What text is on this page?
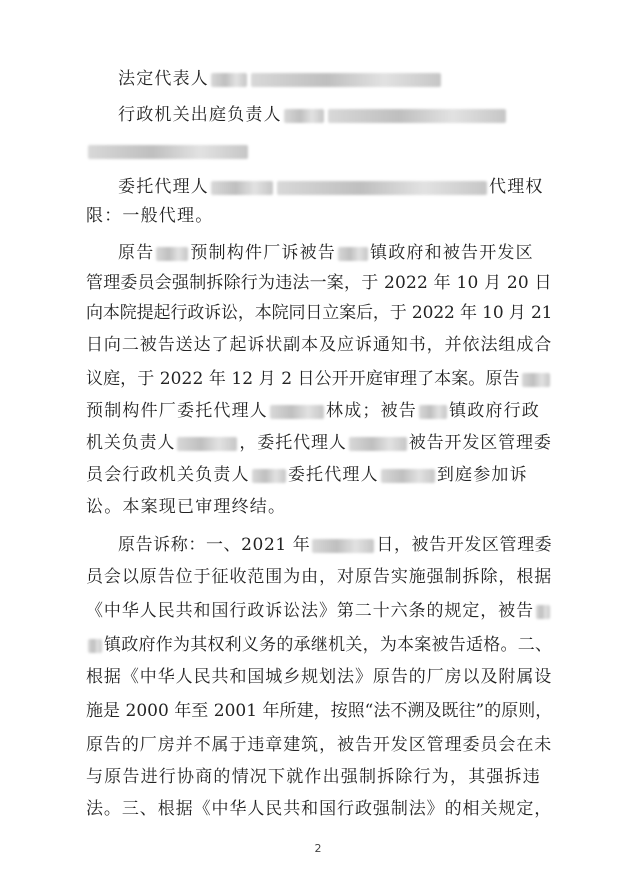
法定代表人
行政机关出庭负责人
委托代理人	代理权
限：一般代理。
原告 预制构件厂诉被告 镇政府和被告开发区
管理委员会强制拆除行为违法一案，于 2022 年 10 月 20 日
向本院提起行政诉讼，本院同日立案后，于 2022 年 10 月 21
日向二被告送达了起诉状副本及应诉通知书，并依法组成合
议庭，于 2022 年 12 月 2 日公开开庭审理了本案。原告
预制构件厂委托代理人	林成；被告 镇政府行政
机关负责人	，委托代理人	被告开发区管理委
员会行政机关负责人 委托代理人	到庭参加诉
讼。本案现已审理终结。
原告诉称：一、2021 年	日，被告开发区管理委
员会以原告位于征收范围为由，对原告实施强制拆除，根据
《中华人民共和国行政诉讼法》第二十六条的规定，被告
镇政府作为其权利义务的承继机关，为本案被告适格。二、
根据《中华人民共和国城乡规划法》原告的厂房以及附属设
施是 2000 年至 2001 年所建，按照“法不溯及既往”的原则，
原告的厂房并不属于违章建筑，被告开发区管理委员会在未
与原告进行协商的情况下就作出强制拆除行为，其强拆违
法。三、根据《中华人民共和国行政强制法》的相关规定，
2
